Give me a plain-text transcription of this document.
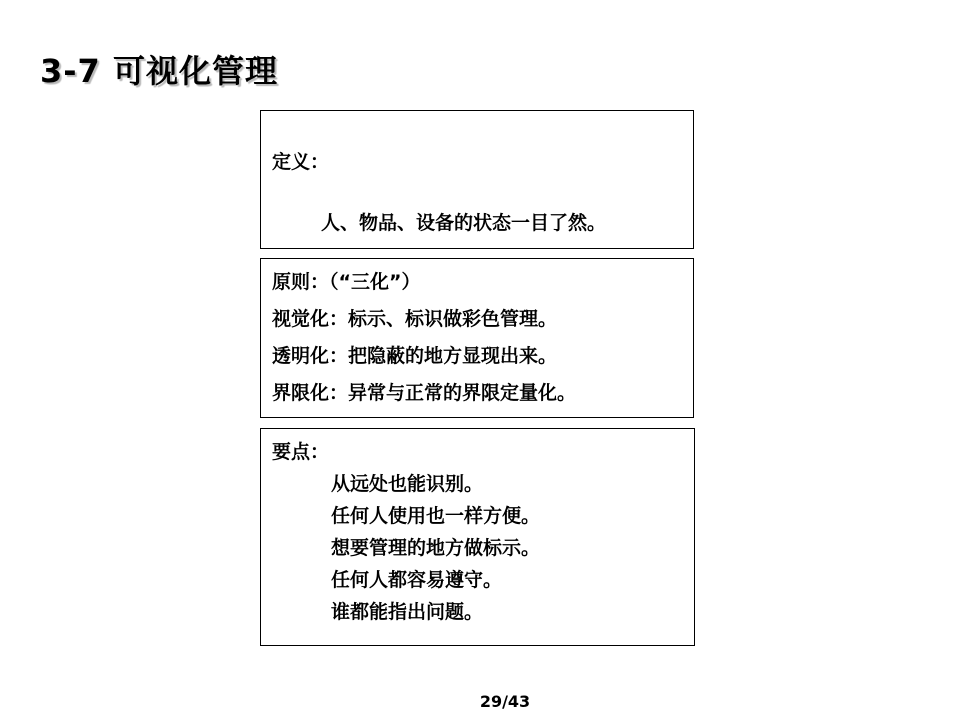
3-7 可视化管理
定义：
人、物品、设备的状态一目了然。
原则：（“三化”）
视觉化：标示、标识做彩色管理。
透明化：把隐蔽的地方显现出来。
界限化：异常与正常的界限定量化。
要点：
从远处也能识别。
任何人使用也一样方便。
想要管理的地方做标示。
任何人都容易遵守。
谁都能指出问题。
29/43
